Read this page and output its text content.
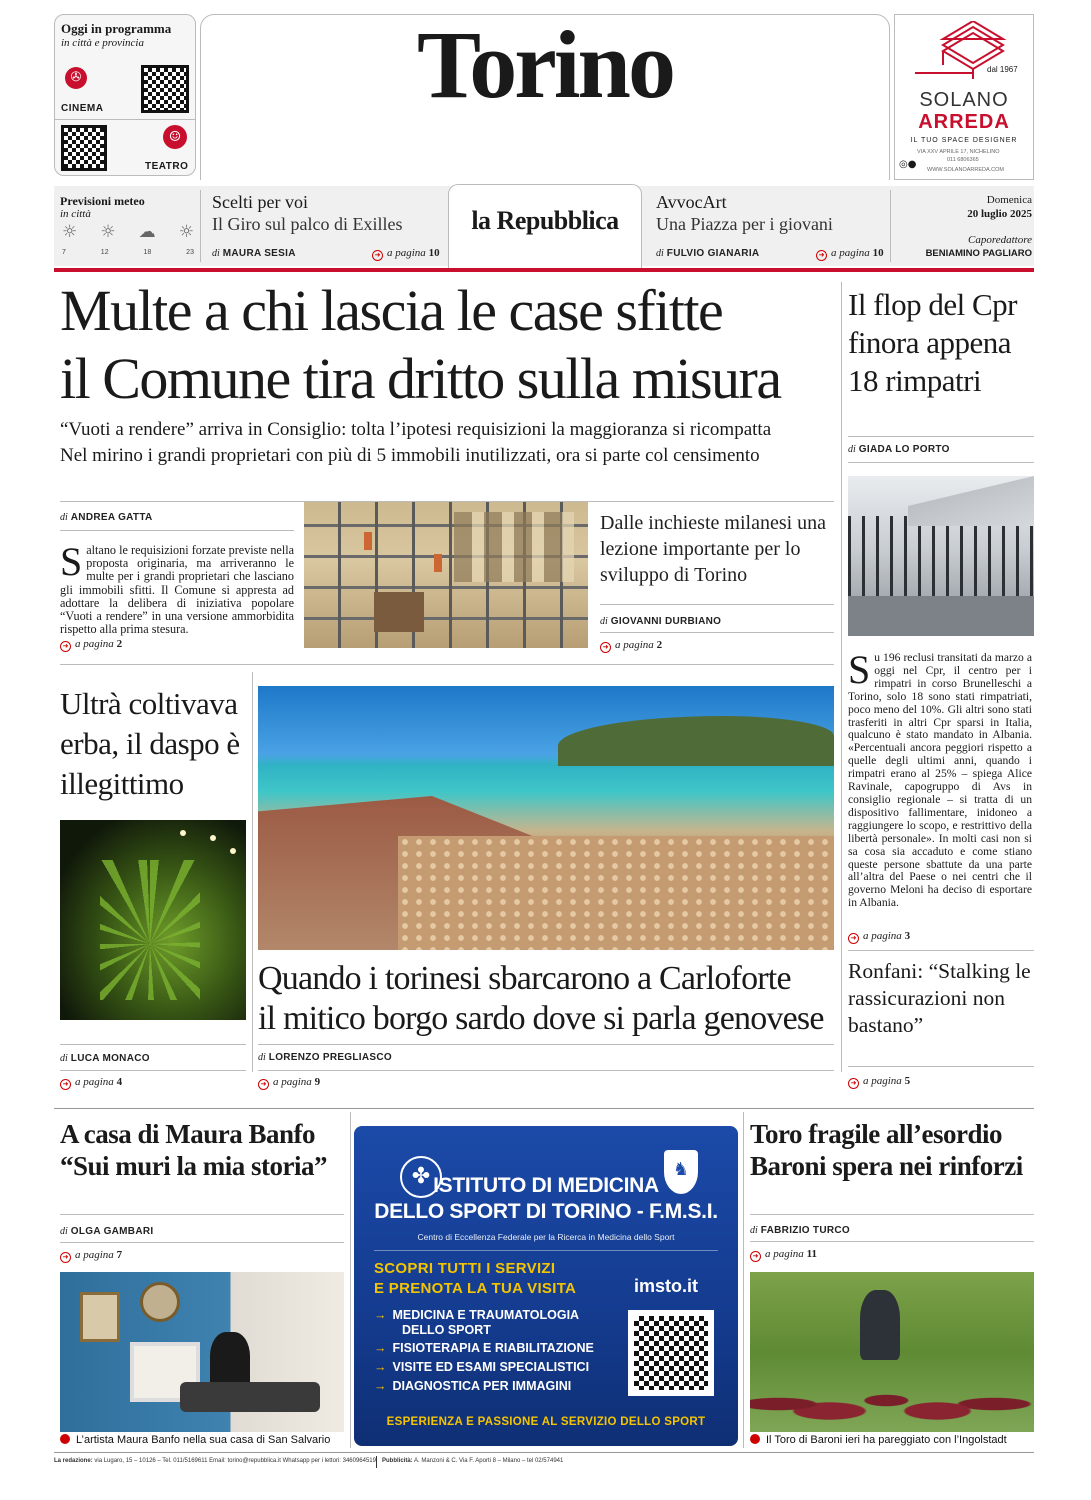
Oggi in programma
in città e provincia
✇
CINEMA
☺
TEATRO
Torino	dal 1967
SOLANO
ARREDA
IL TUO SPACE DESIGNER
VIA XXV APRILE 17, NICHELINO
011 6806365
◎● WWW.SOLANOARREDA.COM
Previsioni meteo
in città
☼ ☼ ☁ ☼
7	12	18	23
Scelti per voi
Il Giro sul palco di Exilles
di MAURA SESIA	➜ a pagina 10
la Repubblica
AvvocArt
Una Piazza per i giovani
di FULVIO GIANARIA	➜ a pagina 10
Domenica
20 luglio 2025
Caporedattore
BENIAMINO PAGLIARO
Multe a chi lascia le case sfitte
il Comune tira dritto sulla misura
“Vuoti a rendere” arriva in Consiglio: tolta l’ipotesi requisizioni la maggioranza si ricompatta
Nel mirino i grandi proprietari con più di 5 immobili inutilizzati, ora si parte col censimento
di ANDREA GATTA
Saltano le requisizioni forzate previste nella proposta originaria, ma arriveranno le multe per i grandi proprietari che lasciano gli immobili sfitti. Il Comune si appresta ad adottare la delibera di iniziativa popolare “Vuoti a rendere” in una versione ammorbidita rispetto alla prima stesura.
➜ a pagina 2
Dalle inchieste milanesi una lezione importante per lo sviluppo di Torino
di GIOVANNI DURBIANO
➜ a pagina 2
Il flop del Cpr finora appena 18 rimpatri
di GIADA LO PORTO
Su 196 reclusi transitati da marzo a oggi nel Cpr, il centro per i rimpatri in corso Brunelleschi a Torino, solo 18 sono stati rimpatriati, poco meno del 10%. Gli altri sono stati trasferiti in altri Cpr sparsi in Italia, qualcuno è stato mandato in Albania. «Percentuali ancora peggiori rispetto a quelle degli ultimi anni, quando i rimpatri erano al 25% – spiega Alice Ravinale, capogruppo di Avs in consiglio regionale – si tratta di un dispositivo fallimentare, inidoneo a raggiungere lo scopo, e restrittivo della libertà personale». In molti casi non si sa cosa sia accaduto e come stiano queste persone sbattute da una parte all’altra del Paese o nei centri che il governo Meloni ha deciso di esportare in Albania.
➜ a pagina 3
Ronfani: “Stalking le rassicurazioni non bastano”
➜ a pagina 5
Ultrà coltivava erba, il daspo è illegittimo
di LUCA MONACO
➜ a pagina 4
Quando i torinesi sbarcarono a Carloforte
il mitico borgo sardo dove si parla genovese
di LORENZO PREGLIASCO
➜ a pagina 9
A casa di Maura Banfo
“Sui muri la mia storia”
di OLGA GAMBARI
➜ a pagina 7
L’artista Maura Banfo nella sua casa di San Salvario
✤	♞
ISTITUTO DI MEDICINA
DELLO SPORT DI TORINO - F.M.S.I.
Centro di Eccellenza Federale per la Ricerca in Medicina dello Sport
SCOPRI TUTTI I SERVIZI
E PRENOTA LA TUA VISITA	imsto.it
→ MEDICINA E TRAUMATOLOGIA
DELLO SPORT
→ FISIOTERAPIA E RIABILITAZIONE
→ VISITE ED ESAMI SPECIALISTICI
→ DIAGNOSTICA PER IMMAGINI
ESPERIENZA E PASSIONE AL SERVIZIO DELLO SPORT
Toro fragile all’esordio
Baroni spera nei rinforzi
di FABRIZIO TURCO
➜ a pagina 11
Il Toro di Baroni ieri ha pareggiato con l’Ingolstadt
La redazione: via Lugaro, 15 – 10126 – Tel. 011/5169611 Email: torino@repubblica.it Whatsapp per i lettori: 3460964519 Pubblicità: A. Manzoni & C. Via F. Aporti 8 – Milano – tel 02/574941
